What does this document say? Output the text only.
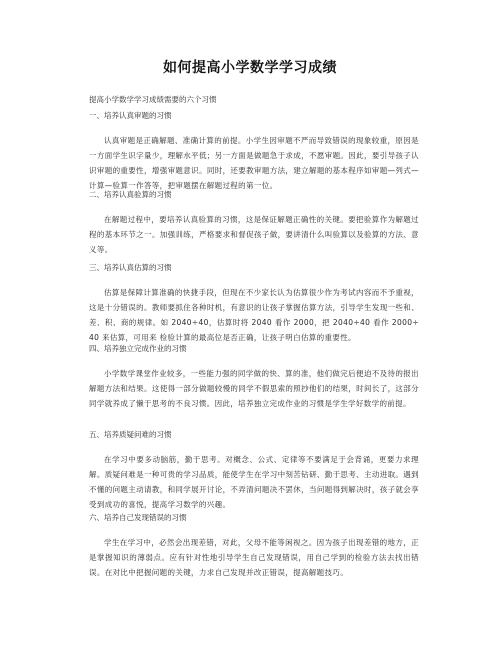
如何提高小学数学学习成绩
提高小学数学学习成绩需要的六个习惯

一、培养认真审题的习惯

认真审题是正确解题、准确计算的前提。小学生因审题不严而导致错误的现象较重，原因是一方面学生识字量少，理解水平低；另一方面是做题急于求成，不愿审题。因此，要引导孩子认识审题的重要性，增强审题意识。同时，还要教审题方法，建立解题的基本程序如审题—列式—计算—验算一作答等，把审题摆在解题过程的第一位。

二、培养认真验算的习惯

在解题过程中，要培养认真验算的习惯，这是保证解题正确性的关键。要把验算作为解题过程的基本环节之一。加强训练，严格要求和督促孩子做，要讲清什么叫验算以及验算的方法、意义等。

三、培养认真估算的习惯

估算是保障计算准确的快捷手段，但现在不少家长认为估算很少作为考试内容而不予重视，这是十分错误的。教师要抓住各种时机，有意识的让孩子掌握估算方法，引导学生发现一些和、差、积、商的规律。如 2040÷40，估算时将 2040 看作 2000，把 2040÷40 看作 2000÷40 来估算，可用来 检验计算的最高位是否正确，让孩子明白估算的重要性。

四、培养独立完成作业的习惯

小学数学课堂作业较多，一些能力强的同学做的快、算的准，他们做完后便迫不及待的报出解题方法和结果。这使得一部分做题较慢的同学不假思索的照抄他们的结果，时间长了，这部分同学就养成了懒于思考的不良习惯。因此，培养独立完成作业的习惯是学生学好数学的前提。

五、培养质疑问难的习惯

在学习中要多动脑筋，勤于思考。对概念、公式、定律等不要满足于会背诵，更要力求理解。质疑问难是一种可贵的学习品质，能使学生在学习中刻苦钻研、勤于思考、主动进取。遇到不懂的问题主动请教，和同学展开讨论，不弄清问题决不罢休，当问题得到解决时，孩子就会享受到成功的喜悦，提高学习数学的兴趣。

六、培养自己发现错误的习惯

学生在学习中，必然会出现差错，对此，父母不能等闲视之。因为孩子出现差错的地方，正是掌握知识的薄弱点。应有针对性地引导学生自己发现错误，用自己学到的检验方法去找出错误。在对比中把握问题的关键，力求自己发现并改正错误，提高解题技巧。
